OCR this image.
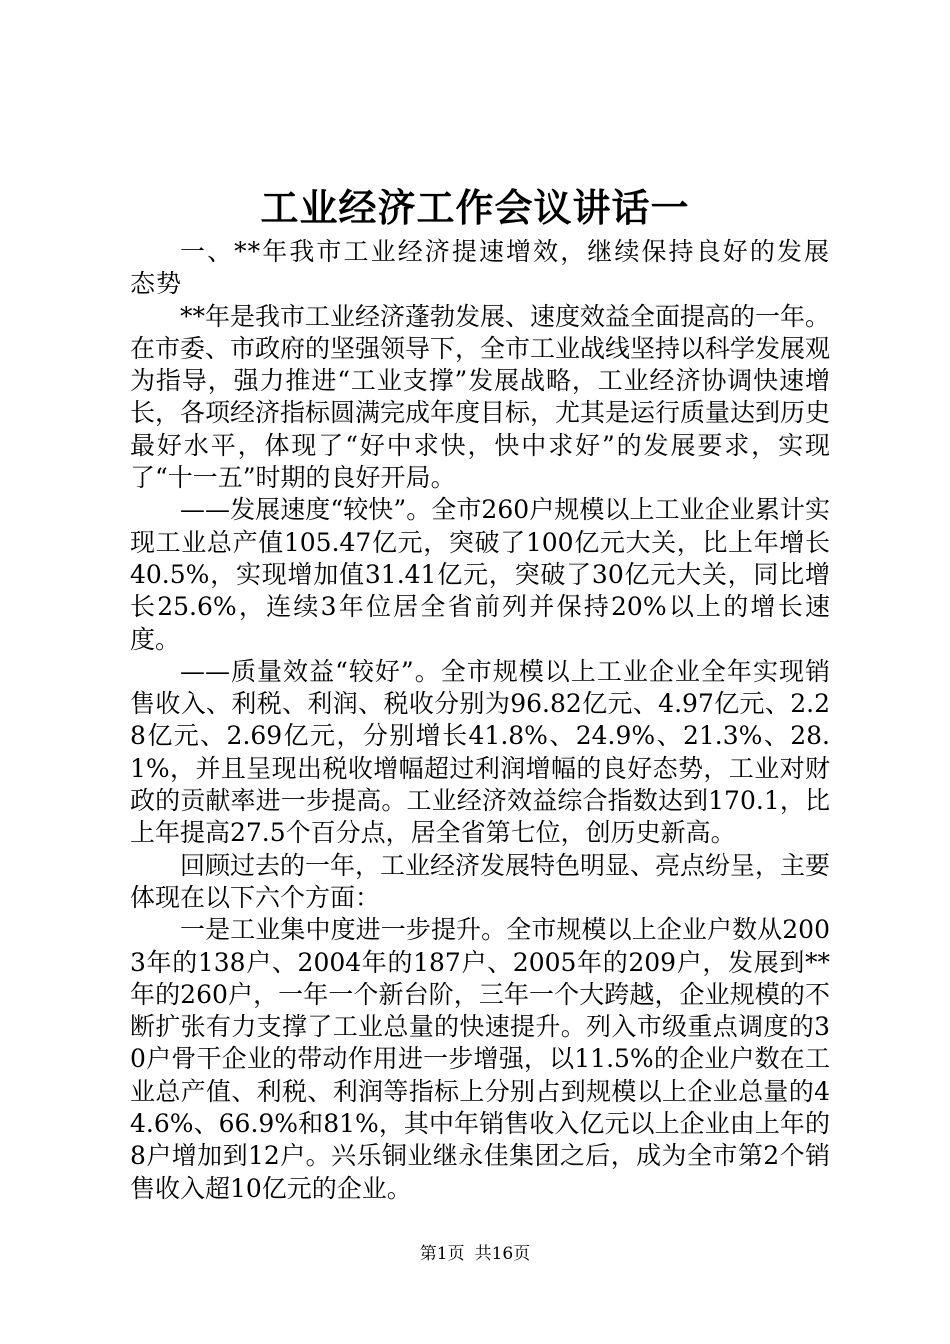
工业经济工作会议讲话一

一、**年我市工业经济提速增效，继续保持良好的发展态势

**年是我市工业经济蓬勃发展、速度效益全面提高的一年。在市委、市政府的坚强领导下，全市工业战线坚持以科学发展观为指导，强力推进“工业支撑”发展战略，工业经济协调快速增长，各项经济指标圆满完成年度目标，尤其是运行质量达到历史最好水平，体现了“好中求快，快中求好”的发展要求，实现了“十一五”时期的良好开局。

——发展速度“较快”。全市260户规模以上工业企业累计实现工业总产值105.47亿元，突破了100亿元大关，比上年增长40.5%，实现增加值31.41亿元，突破了30亿元大关，同比增长25.6%，连续3年位居全省前列并保持20%以上的增长速度。

——质量效益“较好”。全市规模以上工业企业全年实现销售收入、利税、利润、税收分别为96.82亿元、4.97亿元、2.28亿元、2.69亿元，分别增长41.8%、24.9%、21.3%、28.1%，并且呈现出税收增幅超过利润增幅的良好态势，工业对财政的贡献率进一步提高。工业经济效益综合指数达到170.1，比上年提高27.5个百分点，居全省第七位，创历史新高。

回顾过去的一年，工业经济发展特色明显、亮点纷呈，主要体现在以下六个方面：

一是工业集中度进一步提升。全市规模以上企业户数从2003年的138户、2004年的187户、2005年的209户，发展到**年的260户，一年一个新台阶，三年一个大跨越，企业规模的不断扩张有力支撑了工业总量的快速提升。列入市级重点调度的30户骨干企业的带动作用进一步增强，以11.5%的企业户数在工业总产值、利税、利润等指标上分别占到规模以上企业总量的44.6%、66.9%和81%，其中年销售收入亿元以上企业由上年的8户增加到12户。兴乐铜业继永佳集团之后，成为全市第2个销售收入超10亿元的企业。

第1页 共16页
